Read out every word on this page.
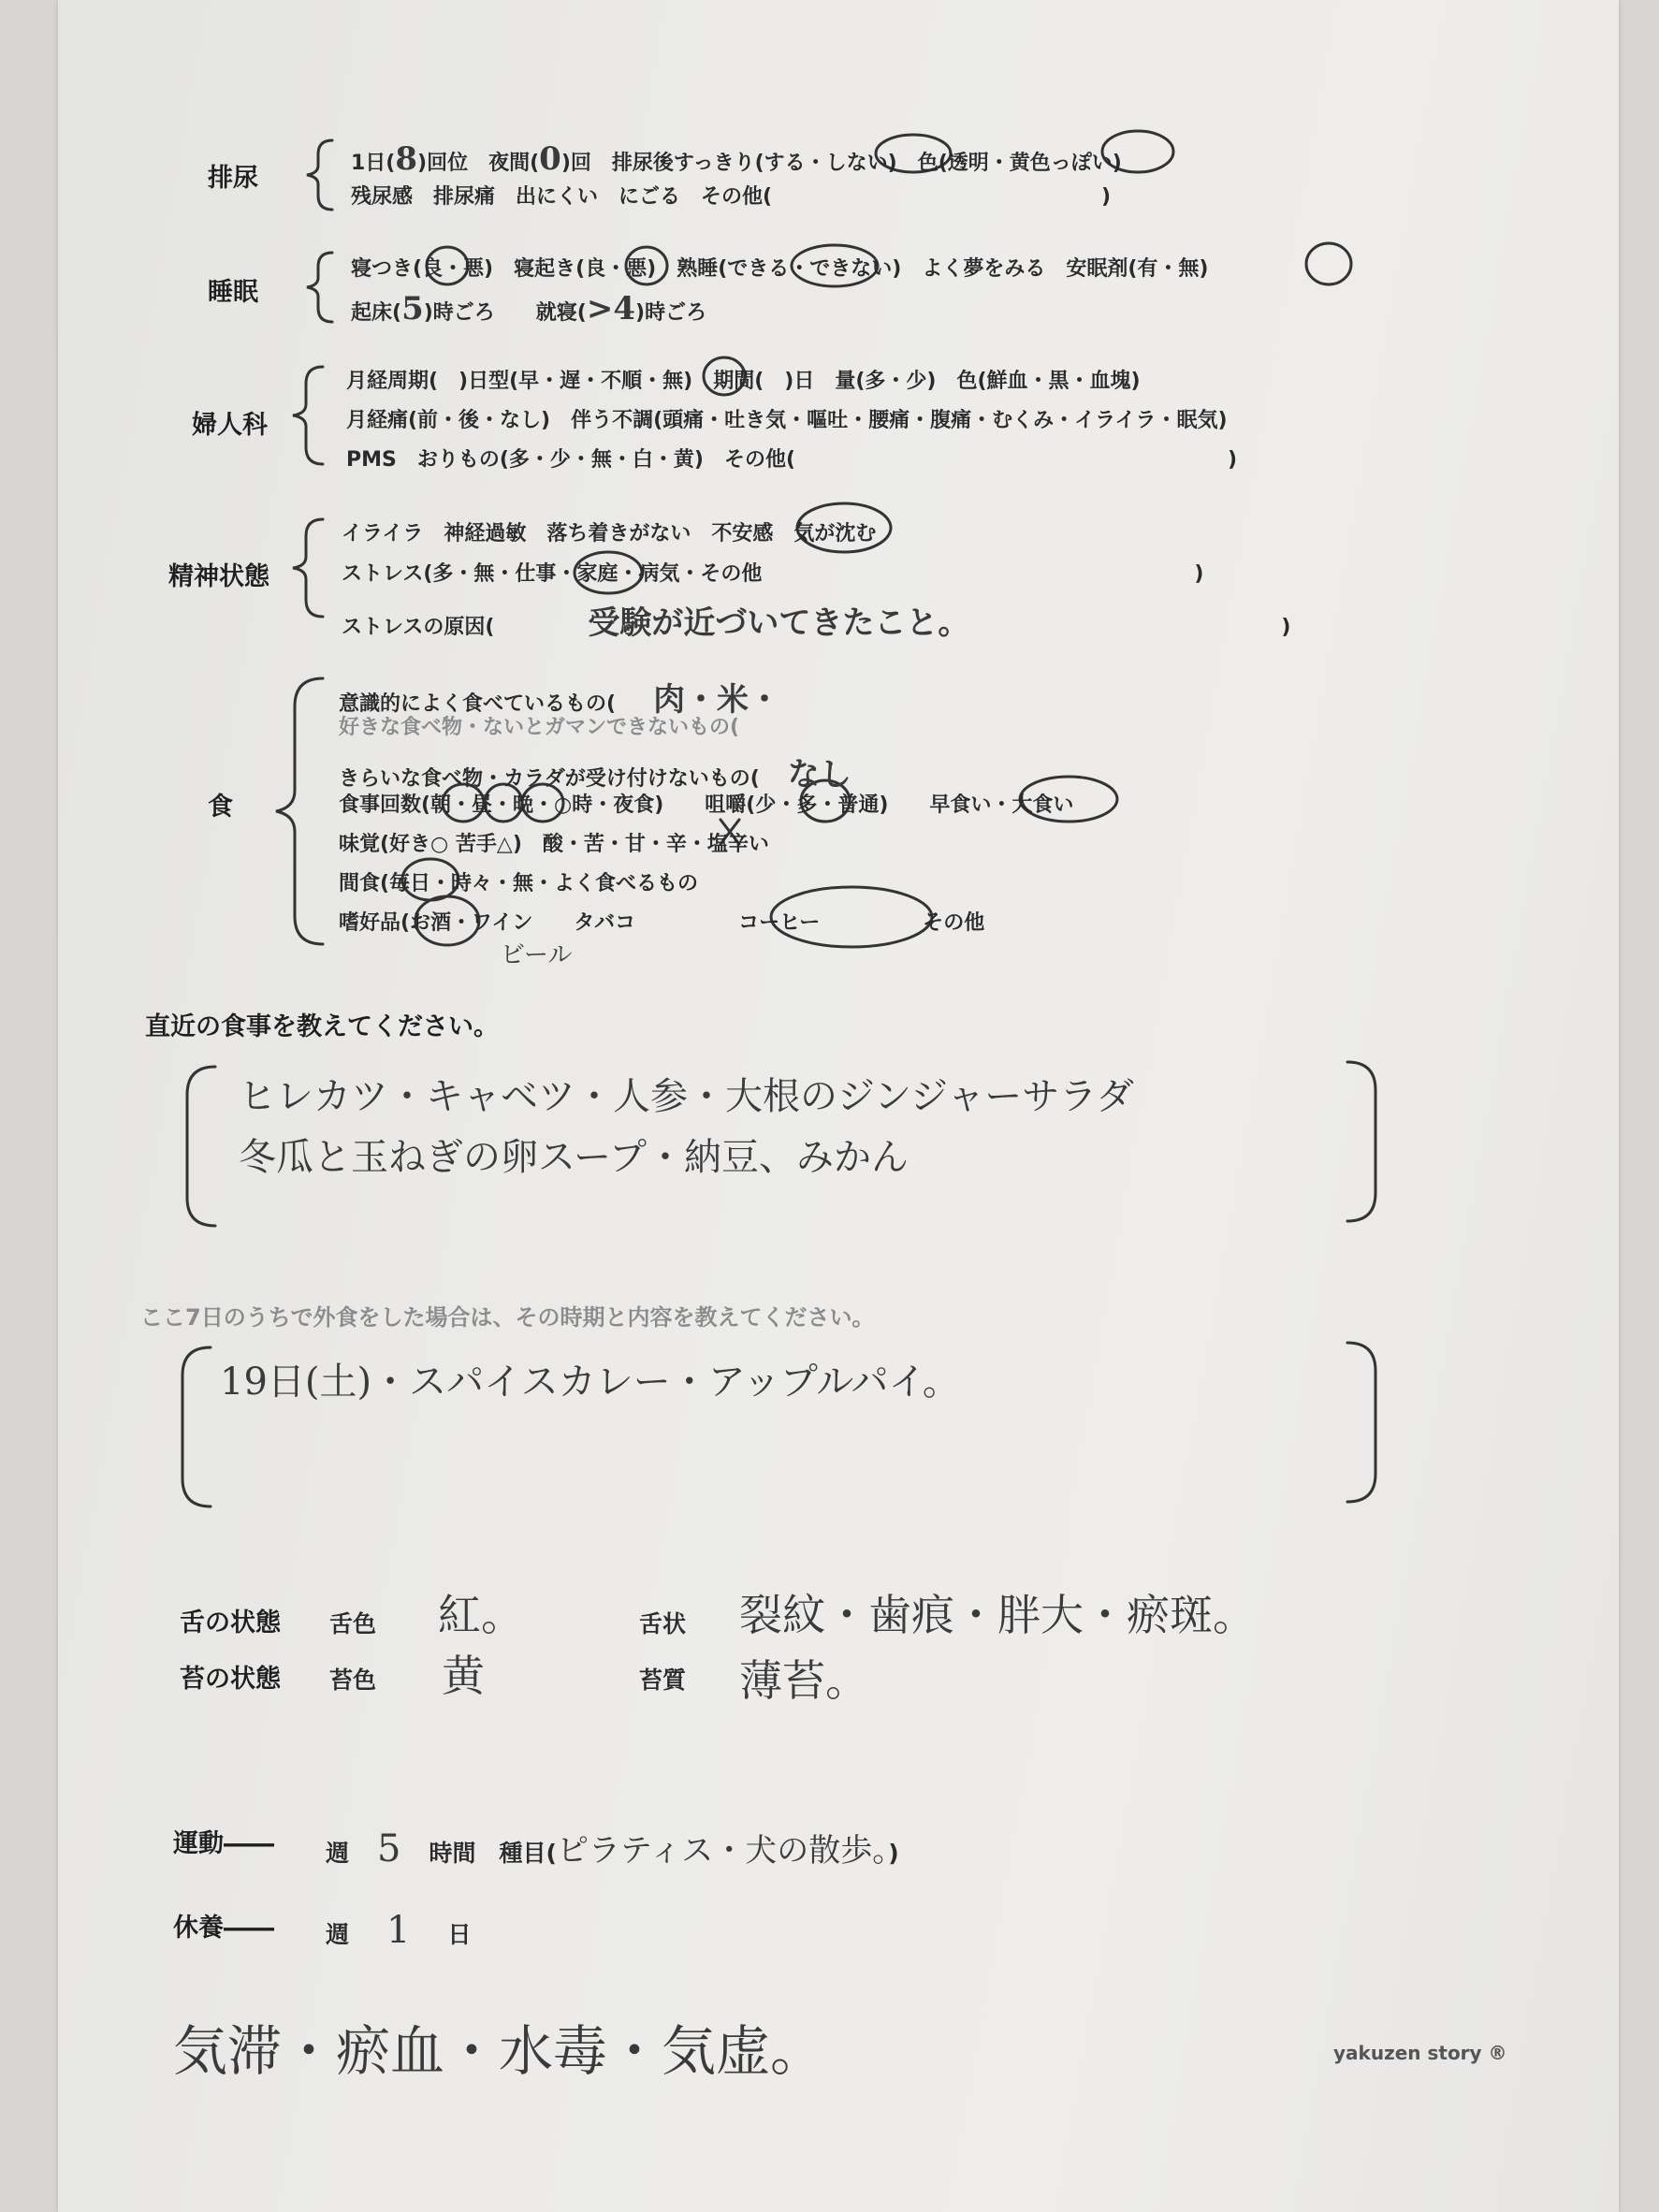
排尿
1日(8)回位　夜間(0)回　排尿後すっきり(する・しない)　色(透明・黄色っぽい)
残尿感　排尿痛　出にくい　にごる　その他(　　　　　　　　　　　　　　　　)
睡眠
寝つき(良・悪)　寝起き(良・悪)　熟睡(できる・できない)　よく夢をみる　安眠剤(有・無)
起床(5)時ごろ　　就寝(>4)時ごろ
婦人科
月経周期(　)日型(早・遅・不順・無)　期間(　)日　量(多・少)　色(鮮血・黒・血塊)
月経痛(前・後・なし)　伴う不調(頭痛・吐き気・嘔吐・腰痛・腹痛・むくみ・イライラ・眠気)
PMS　おりもの(多・少・無・白・黄)　その他(　　　　　　　　　　　　　　　　　　　　　)
精神状態
イライラ　神経過敏　落ち着きがない　不安感　気が沈む
ストレス(多・無・仕事・家庭・病気・その他　　　　　　　　　　　　　　　　　　　　　)
ストレスの原因(	受験が近づいてきたこと。	)
食
意識的によく食べているもの( 肉・米・
好きな食べ物・ないとガマンできないもの(
きらいな食べ物・カラダが受け付けないもの( なし
食事回数(朝・昼・晩・○時・夜食)　　咀嚼(少・多・普通)　　早食い・大食い
味覚(好き○ 苦手△)　酸・苦・甘・辛・塩辛い
間食(毎日・時々・無・よく食べるもの
嗜好品(お酒・ワイン　　タバコ　　　　　コーヒー　　　　　その他
ビール
直近の食事を教えてください。
ヒレカツ・キャベツ・人参・大根のジンジャーサラダ
冬瓜と玉ねぎの卵スープ・納豆、みかん
ここ7日のうちで外食をした場合は、その時期と内容を教えてください。
19日(土)・スパイスカレー・アップルパイ。
舌の状態 舌色 紅。	舌状 裂紋・歯痕・胖大・瘀斑。
苔の状態 苔色 黄	苔質 薄苔。
運動―― 週 5 時間　 種目(ピラティス・犬の散歩。)
休養―― 週 1 日
気滞・瘀血・水毒・気虚。	yakuzen story ®
